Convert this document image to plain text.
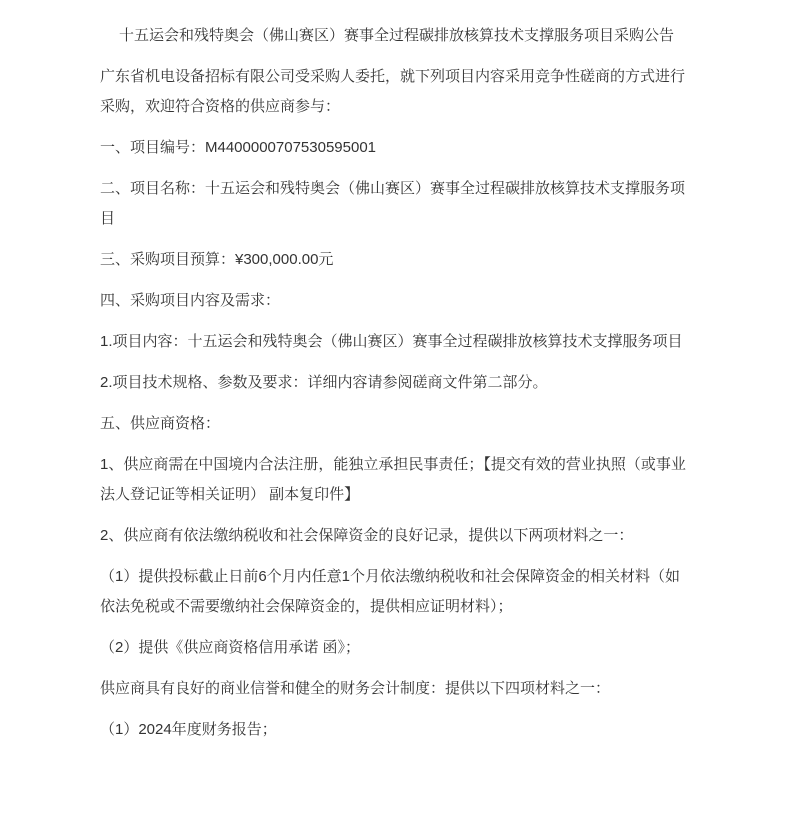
十五运会和残特奥会（佛山赛区）赛事全过程碳排放核算技术支撑服务项目采购公告

广东省机电设备招标有限公司受采购人委托，就下列项目内容采用竞争性磋商的方式进行采购，欢迎符合资格的供应商参与：

一、项目编号：M4400000707530595001

二、项目名称：十五运会和残特奥会（佛山赛区）赛事全过程碳排放核算技术支撑服务项目

三、采购项目预算：¥300,000.00元

四、采购项目内容及需求：

1.项目内容：十五运会和残特奥会（佛山赛区）赛事全过程碳排放核算技术支撑服务项目

2.项目技术规格、参数及要求：详细内容请参阅磋商文件第二部分。

五、供应商资格：

1、供应商需在中国境内合法注册，能独立承担民事责任；【提交有效的营业执照（或事业法人登记证等相关证明） 副本复印件】

2、供应商有依法缴纳税收和社会保障资金的良好记录，提供以下两项材料之一：

（1）提供投标截止日前6个月内任意1个月依法缴纳税收和社会保障资金的相关材料（如依法免税或不需要缴纳社会保障资金的，提供相应证明材料）；

（2）提供《供应商资格信用承诺 函》；

供应商具有良好的商业信誉和健全的财务会计制度：提供以下四项材料之一：

（1）2024年度财务报告；
